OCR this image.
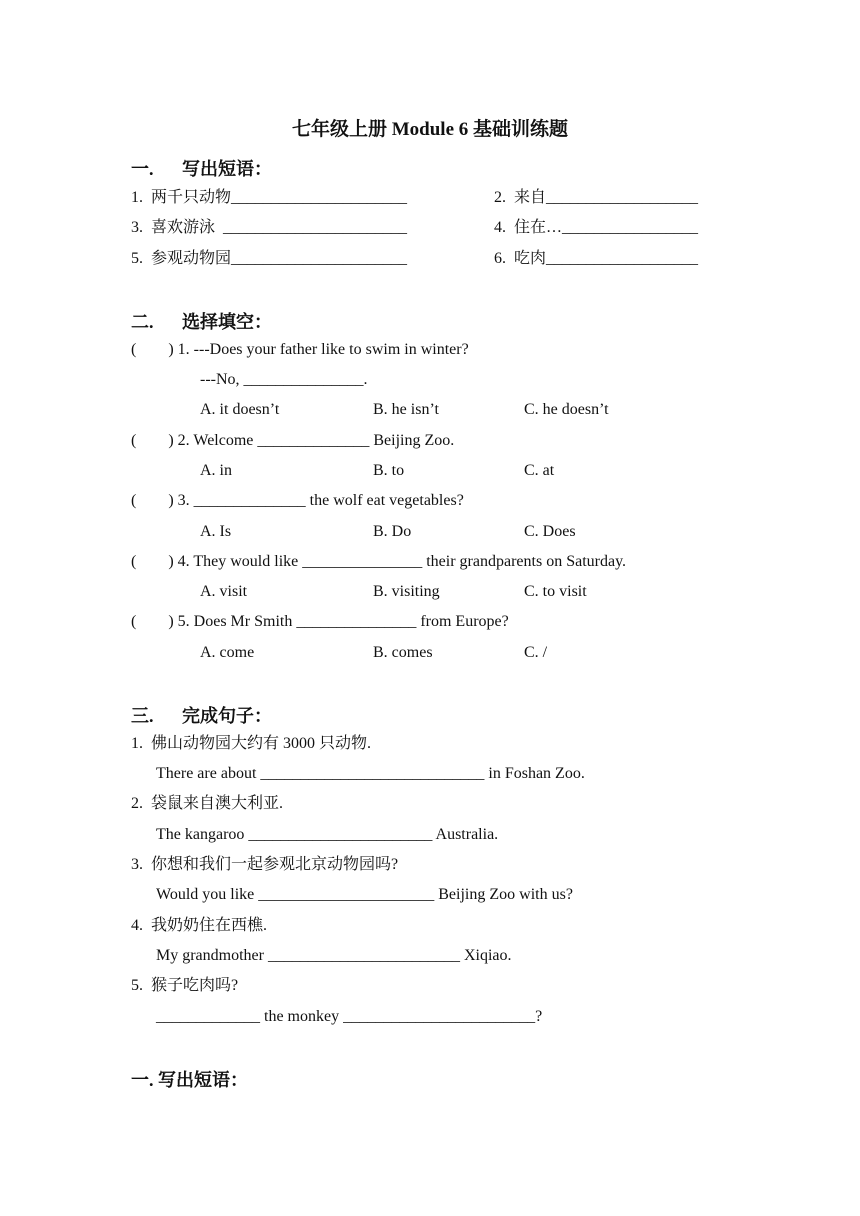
七年级上册 Module 6 基础训练题
一. 写出短语：
1.  两千只动物______________________	2.  来自___________________
3.  喜欢游泳  _______________________	4.  住在…_________________
5.  参观动物园______________________	6.  吃肉___________________
二. 选择填空：
(        ) 1. ---Does your father like to swim in winter?
---No, _______________.
A. it doesn’t	B. he isn’t	C. he doesn’t
(        ) 2. Welcome ______________ Beijing Zoo.
A. in	B. to	C. at
(        ) 3. ______________ the wolf eat vegetables?
A. Is	B. Do	C. Does
(        ) 4. They would like _______________ their grandparents on Saturday.
A. visit	B. visiting	C. to visit
(        ) 5. Does Mr Smith _______________ from Europe?
A. come	B. comes	C. /
三. 完成句子：
1.  佛山动物园大约有 3000 只动物.
There are about ____________________________ in Foshan Zoo.
2.  袋鼠来自澳大利亚.
The kangaroo _______________________ Australia.
3.  你想和我们一起参观北京动物园吗?
Would you like ______________________ Beijing Zoo with us?
4.  我奶奶住在西樵.
My grandmother ________________________ Xiqiao.
5.  猴子吃肉吗?
_____________ the monkey ________________________?
一. 写出短语：
